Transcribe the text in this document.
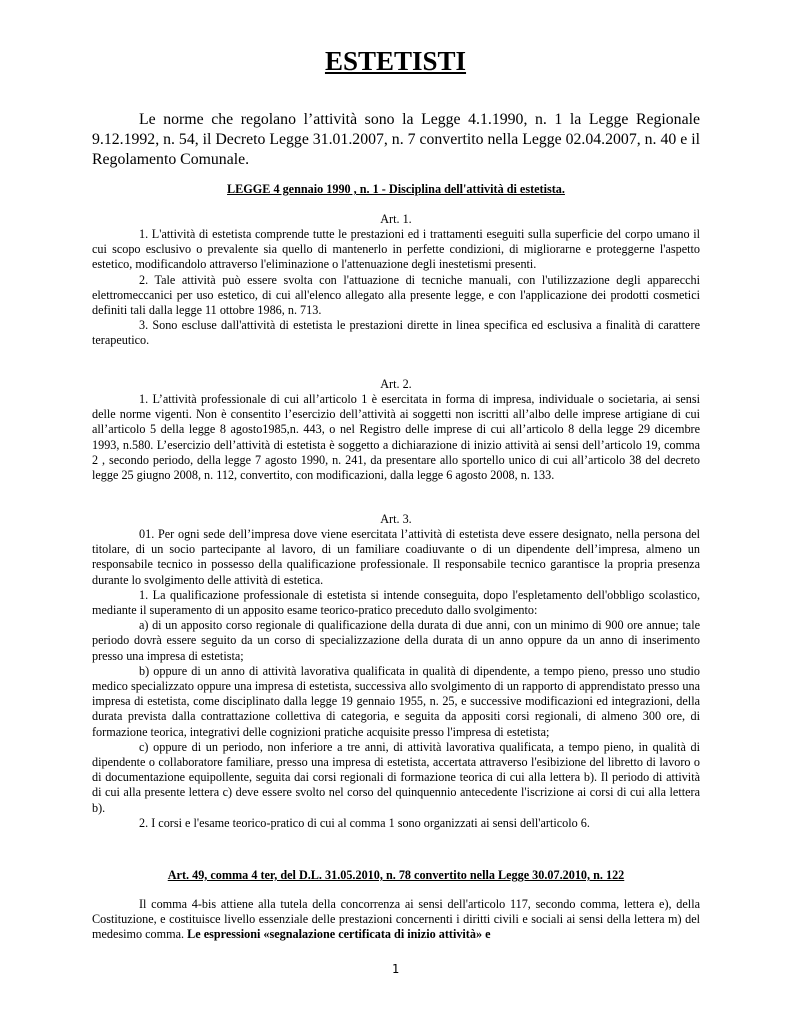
ESTETISTI

Le norme che regolano l’attività sono la Legge 4.1.1990, n. 1 la Legge Regionale 9.12.1992, n. 54, il Decreto Legge 31.01.2007, n. 7 convertito nella Legge 02.04.2007, n. 40 e il Regolamento Comunale.

LEGGE 4 gennaio 1990 , n. 1 - Disciplina dell'attività di estetista.

Art. 1.

1. L'attività di estetista comprende tutte le prestazioni ed i trattamenti eseguiti sulla superficie del corpo umano il cui scopo esclusivo o prevalente sia quello di mantenerlo in perfette condizioni, di migliorarne e proteggerne l'aspetto estetico, modificandolo attraverso l'eliminazione o l'attenuazione degli inestetismi presenti.

2. Tale attività può essere svolta con l'attuazione di tecniche manuali, con l'utilizzazione degli apparecchi elettromeccanici per uso estetico, di cui all'elenco allegato alla presente legge, e con l'applicazione dei prodotti cosmetici definiti tali dalla legge 11 ottobre 1986, n. 713.

3. Sono escluse dall'attività di estetista le prestazioni dirette in linea specifica ed esclusiva a finalità di carattere terapeutico.

Art. 2.

1. L’attività professionale di cui all’articolo 1 è esercitata in forma di impresa, individuale o societaria, ai sensi delle norme vigenti. Non è consentito l’esercizio dell’attività ai soggetti non iscritti all’albo delle imprese artigiane di cui all’articolo 5 della legge 8 agosto1985,n. 443, o nel Registro delle imprese di cui all’articolo 8 della legge 29 dicembre 1993, n.580. L’esercizio dell’attività di estetista è soggetto a dichiarazione di inizio attività ai sensi dell’articolo 19, comma 2 , secondo periodo, della legge 7 agosto 1990, n. 241, da presentare allo sportello unico di cui all’articolo 38 del decreto legge 25 giugno 2008, n. 112, convertito, con modificazioni, dalla legge 6 agosto 2008, n. 133.

Art. 3.

01. Per ogni sede dell’impresa dove viene esercitata l’attività di estetista deve essere designato, nella persona del titolare, di un socio partecipante al lavoro, di un familiare coadiuvante o di un dipendente dell’impresa, almeno un responsabile tecnico in possesso della qualificazione professionale. Il responsabile tecnico garantisce la propria presenza durante lo svolgimento delle attività di estetica.

1. La qualificazione professionale di estetista si intende conseguita, dopo l'espletamento dell'obbligo scolastico, mediante il superamento di un apposito esame teorico-pratico preceduto dallo svolgimento:

a) di un apposito corso regionale di qualificazione della durata di due anni, con un minimo di 900 ore annue; tale periodo dovrà essere seguito da un corso di specializzazione della durata di un anno oppure da un anno di inserimento presso una impresa di estetista;

b) oppure di un anno di attività lavorativa qualificata in qualità di dipendente, a tempo pieno, presso uno studio medico specializzato oppure una impresa di estetista, successiva allo svolgimento di un rapporto di apprendistato presso una impresa di estetista, come disciplinato dalla legge 19 gennaio 1955, n. 25, e successive modificazioni ed integrazioni, della durata prevista dalla contrattazione collettiva di categoria, e seguita da appositi corsi regionali, di almeno 300 ore, di formazione teorica, integrativi delle cognizioni pratiche acquisite presso l'impresa di estetista;

c) oppure di un periodo, non inferiore a tre anni, di attività lavorativa qualificata, a tempo pieno, in qualità di dipendente o collaboratore familiare, presso una impresa di estetista, accertata attraverso l'esibizione del libretto di lavoro o di documentazione equipollente, seguita dai corsi regionali di formazione teorica di cui alla lettera b). Il periodo di attività di cui alla presente lettera c) deve essere svolto nel corso del quinquennio antecedente l'iscrizione ai corsi di cui alla lettera b).

2. I corsi e l'esame teorico-pratico di cui al comma 1 sono organizzati ai sensi dell'articolo 6.

Art. 49, comma 4 ter, del D.L. 31.05.2010, n. 78 convertito nella Legge 30.07.2010, n. 122

Il comma 4-bis attiene alla tutela della concorrenza ai sensi dell'articolo 117, secondo comma, lettera e), della Costituzione, e costituisce livello essenziale delle prestazioni concernenti i diritti civili e sociali ai sensi della lettera m) del medesimo comma. Le espressioni «segnalazione certificata di inizio attività» e

1
